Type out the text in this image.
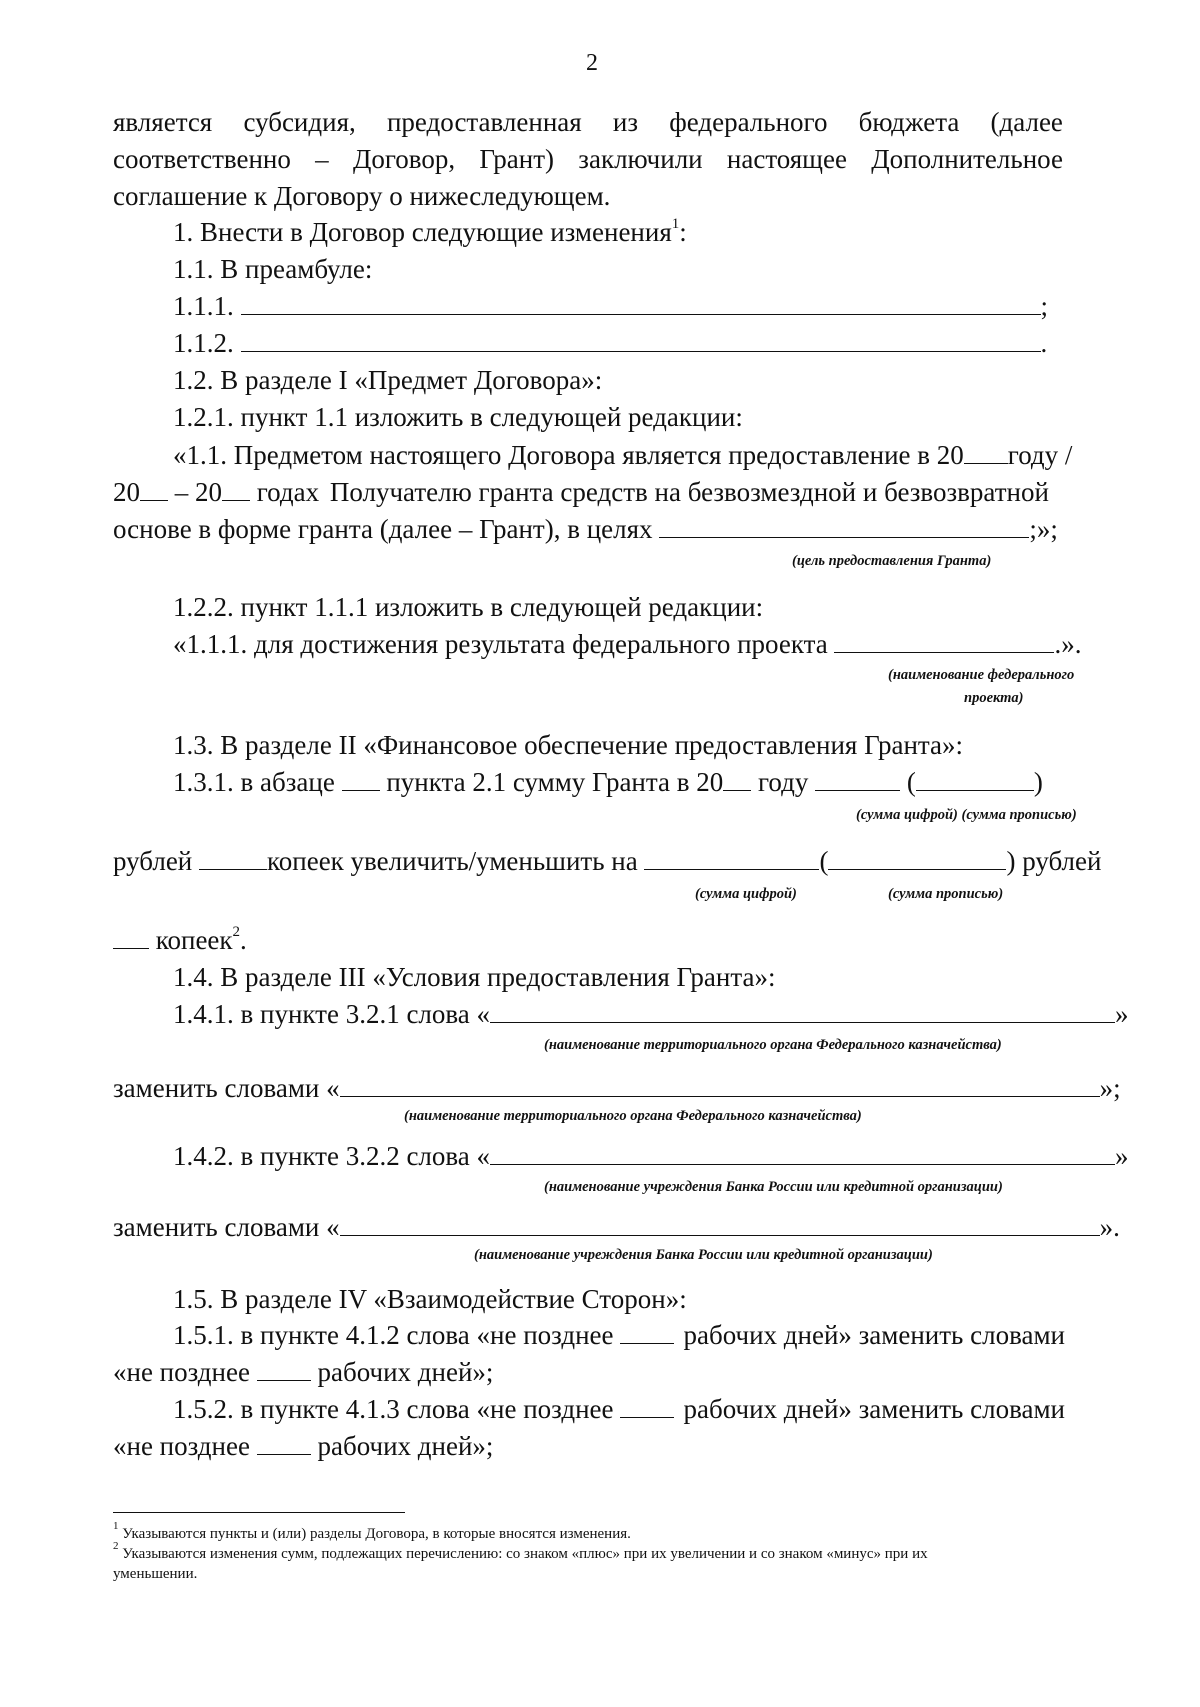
2
является субсидия, предоставленная из федерального бюджета (далее
соответственно – Договор, Грант) заключили настоящее Дополнительное
соглашение к Договору о нижеследующем.
1. Внести в Договор следующие изменения$^1$:
1.1. В преамбуле:
1.1.1.	;
1.1.2.	.
1.2. В разделе I «Предмет Договора»:
1.2.1. пункт 1.1 изложить в следующей редакции:
«1.1. Предметом настоящего Договора является предоставление в 20	году /
20 – 20 годах Получателю гранта средств на безвозмездной и безвозвратной
основе в форме гранта (далее – Грант), в целях	;»;
(цель предоставления Гранта)
1.2.2. пункт 1.1.1 изложить в следующей редакции:
«1.1.1. для достижения результата федерального проекта	.».
(наименование федерального
проекта)
1.3. В разделе II «Финансовое обеспечение предоставления Гранта»:
1.3.1. в абзаце пункта 2.1 сумму Гранта в 20 году	(	)
(сумма цифрой) (сумма прописью)
рублей	копеек увеличить/уменьшить на	(	) рублей
(сумма цифрой)	(сумма прописью)
копеек$^2$.
1.4. В разделе III «Условия предоставления Гранта»:
1.4.1. в пункте 3.2.1 слова «	»
(наименование территориального органа Федерального казначейства)
заменить словами «	»;
(наименование территориального органа Федерального казначейства)
1.4.2. в пункте 3.2.2 слова «	»
(наименование учреждения Банка России или кредитной организации)
заменить словами «	».
(наименование учреждения Банка России или кредитной организации)
1.5. В разделе IV «Взаимодействие Сторон»:
1.5.1. в пункте 4.1.2 слова «не позднее	рабочих дней» заменить словами
«не позднее	рабочих дней»;
1.5.2. в пункте 4.1.3 слова «не позднее	рабочих дней» заменить словами
«не позднее	рабочих дней»;
$^1$ Указываются пункты и (или) разделы Договора, в которые вносятся изменения.
$^2$ Указываются изменения сумм, подлежащих перечислению: со знаком «плюс» при их увеличении и со знаком «минус» при их
уменьшении.
